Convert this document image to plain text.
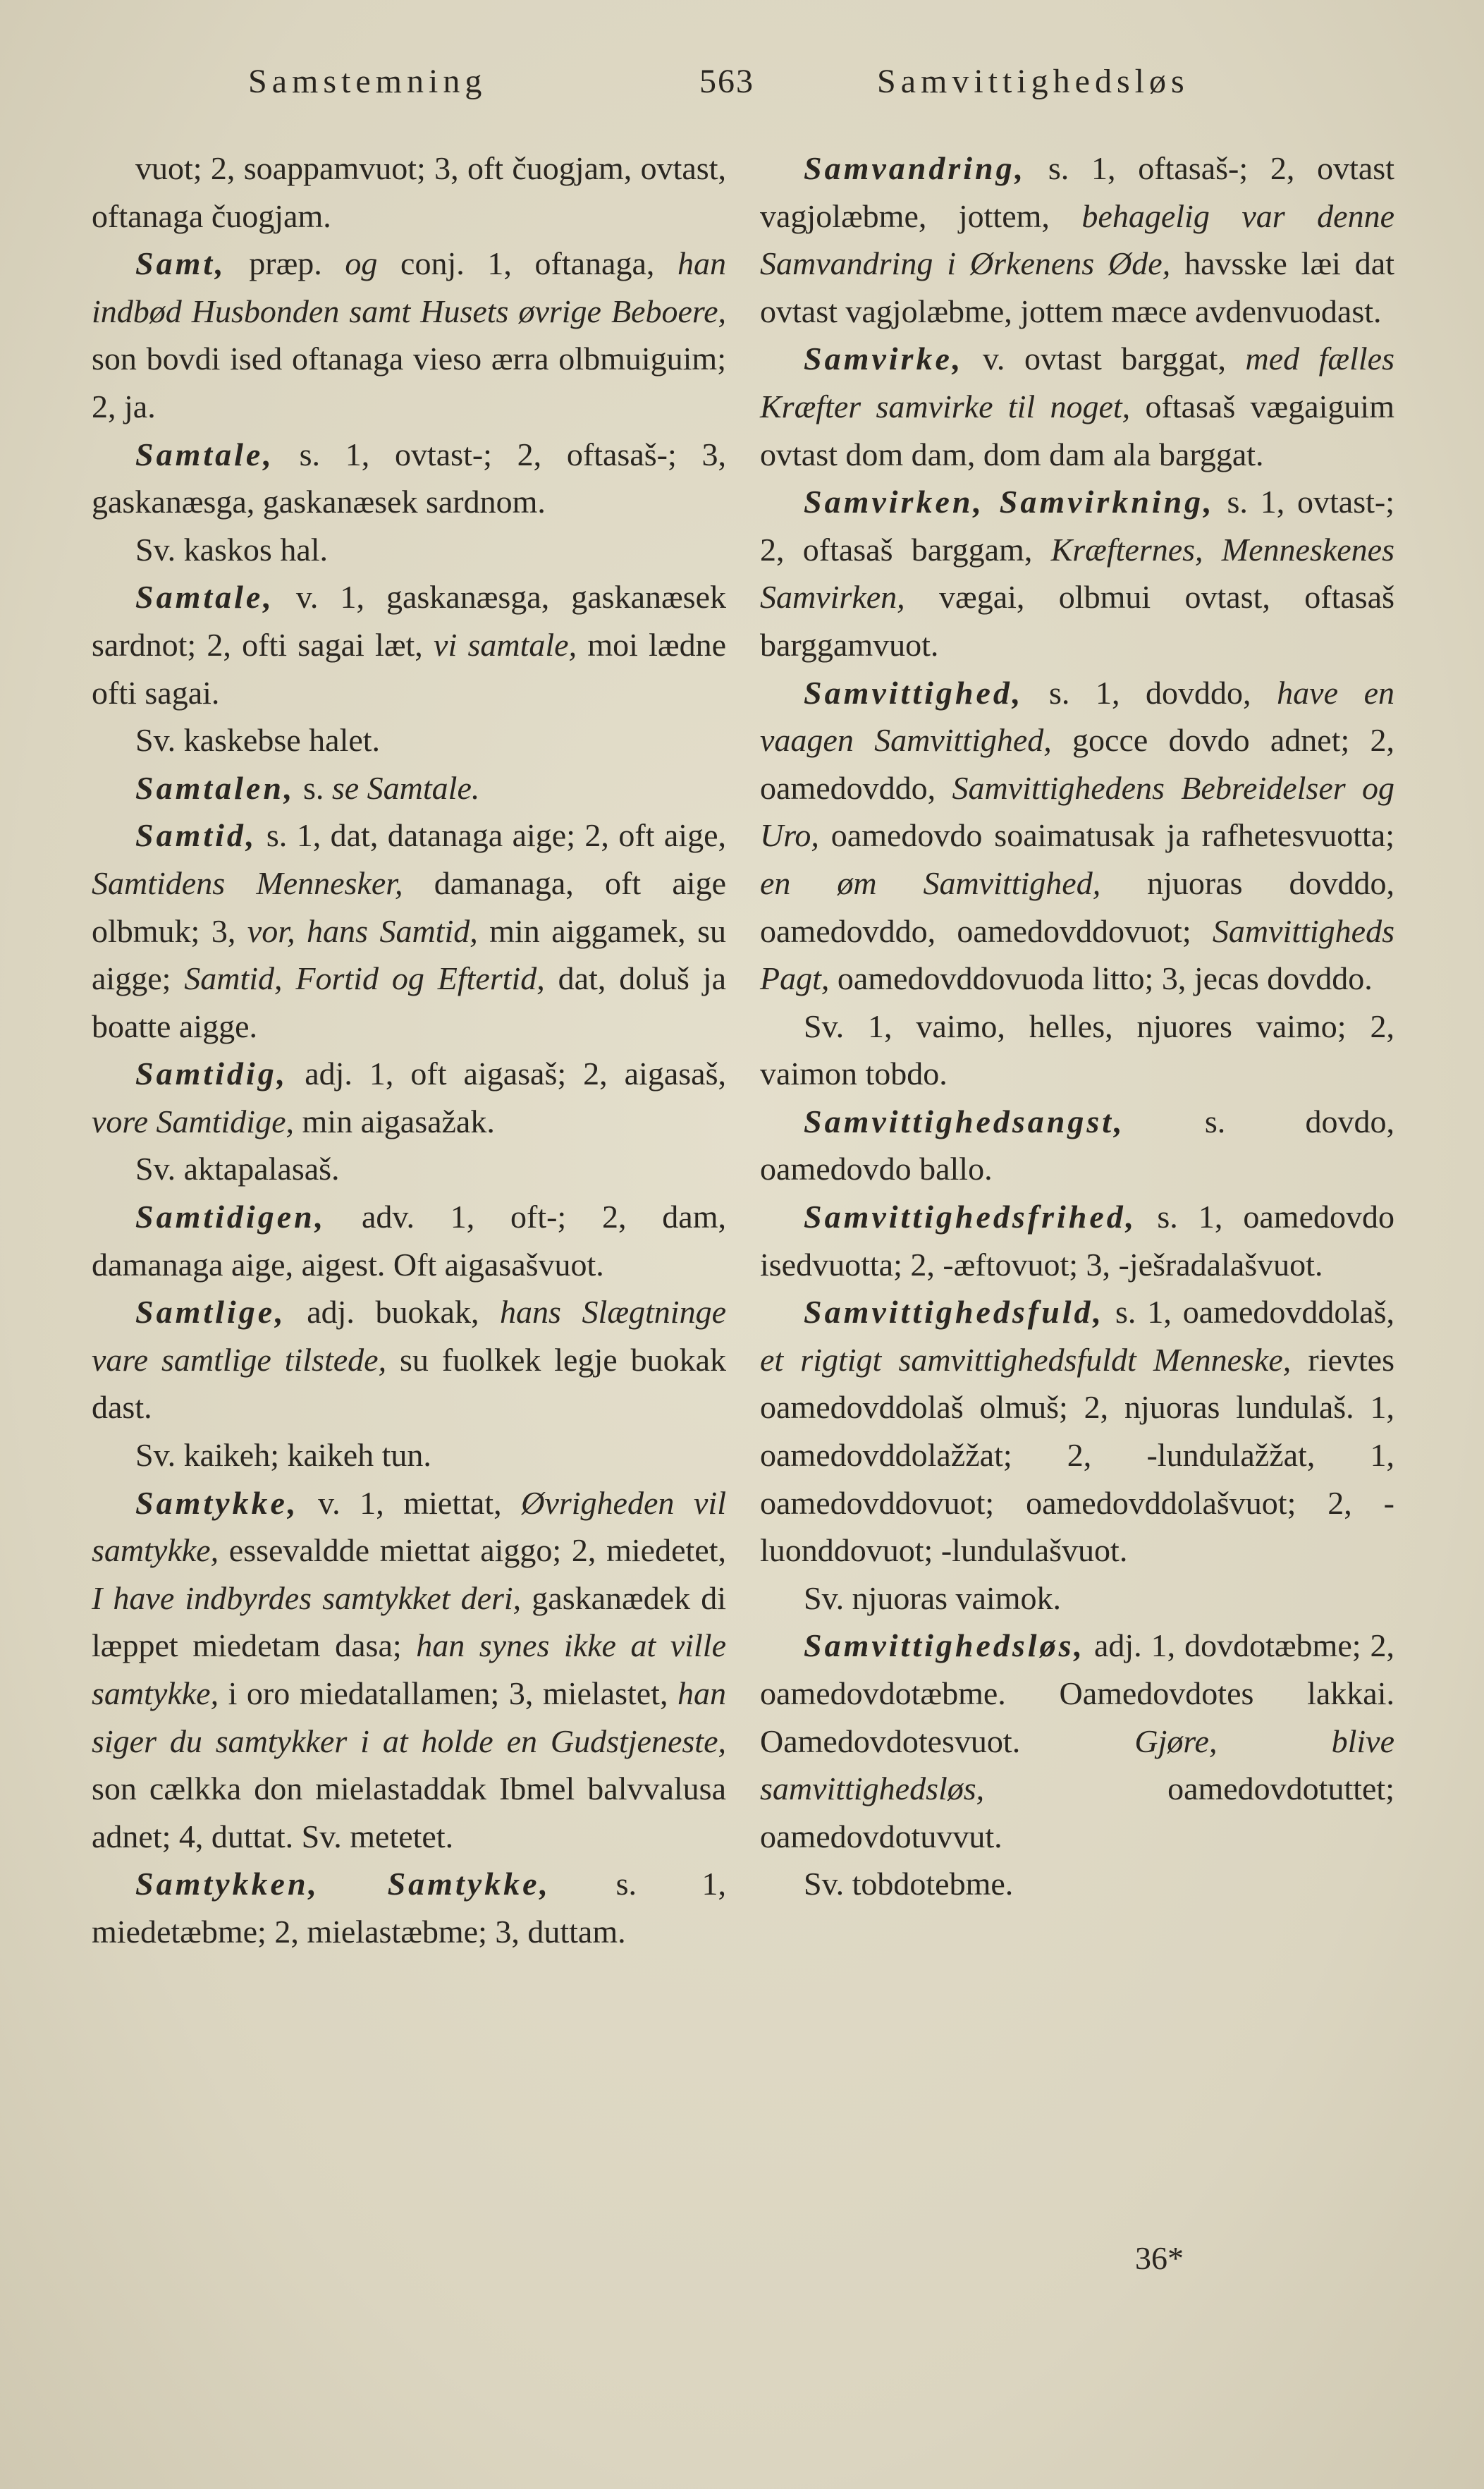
Samstemning	563	Samvittighedsløs

vuot; 2, soappamvuot; 3, oft čuogjam, ovtast, oftanaga čuogjam.

Samt, præp. og conj. 1, oftanaga, han indbød Husbonden samt Husets øvrige Beboere, son bovdi ised oftanaga vieso ærra olbmuiguim; 2, ja.

Samtale, s. 1, ovtast-; 2, oftasaš-; 3, gaskanæsga, gaskanæsek sardnom.

Sv. kaskos hal.

Samtale, v. 1, gaskanæsga, gaskanæsek sardnot; 2, ofti sagai læt, vi samtale, moi lædne ofti sagai.

Sv. kaskebse halet.

Samtalen, s. se Samtale.

Samtid, s. 1, dat, datanaga aige; 2, oft aige, Samtidens Mennesker, damanaga, oft aige olbmuk; 3, vor, hans Samtid, min aiggamek, su aigge; Samtid, Fortid og Eftertid, dat, doluš ja boatte aigge.

Samtidig, adj. 1, oft aigasaš; 2, aigasaš, vore Samtidige, min aigasažak.

Sv. aktapalasaš.

Samtidigen, adv. 1, oft-; 2, dam, damanaga aige, aigest. Oft aigasašvuot.

Samtlige, adj. buokak, hans Slægtninge vare samtlige tilstede, su fuolkek legje buokak dast.

Sv. kaikeh; kaikeh tun.

Samtykke, v. 1, miettat, Øvrigheden vil samtykke, essevaldde miettat aiggo; 2, miedetet, I have indbyrdes samtykket deri, gaskanædek di læppet miedetam dasa; han synes ikke at ville samtykke, i oro miedatallamen; 3, mielastet, han siger du samtykker i at holde en Gudstjeneste, son cælkka don mielastaddak Ibmel balvvalusa adnet; 4, duttat. Sv. metetet.

Samtykken, Samtykke, s. 1, miedetæbme; 2, mielastæbme; 3, duttam.

Samvandring, s. 1, oftasaš-; 2, ovtast vagjolæbme, jottem, behagelig var denne Samvandring i Ørkenens Øde, havsske læi dat ovtast vagjolæbme, jottem mæce avdenvuodast.

Samvirke, v. ovtast barggat, med fælles Kræfter samvirke til noget, oftasaš vægaiguim ovtast dom dam, dom dam ala barggat.

Samvirken, Samvirkning, s. 1, ovtast-; 2, oftasaš barggam, Kræfternes, Menneskenes Samvirken, vægai, olbmui ovtast, oftasaš barggamvuot.

Samvittighed, s. 1, dovddo, have en vaagen Samvittighed, gocce dovdo adnet; 2, oamedovddo, Samvittighedens Bebreidelser og Uro, oamedovdo soaimatusak ja rafhetesvuotta; en øm Samvittighed, njuoras dovddo, oamedovddo, oamedovddovuot; Samvittigheds Pagt, oamedovddovuoda litto; 3, jecas dovddo.

Sv. 1, vaimo, helles, njuores vaimo; 2, vaimon tobdo.

Samvittighedsangst, s. dovdo, oamedovdo ballo.

Samvittighedsfrihed, s. 1, oamedovdo isedvuotta; 2, -æftovuot; 3, -ješradalašvuot.

Samvittighedsfuld, s. 1, oamedovddolaš, et rigtigt samvittighedsfuldt Menneske, rievtes oamedovddolaš olmuš; 2, njuoras lundulaš. 1, oamedovddolažžat; 2, -lundulažžat, 1, oamedovddovuot; oamedovddolašvuot; 2, -luonddovuot; -lundulašvuot.

Sv. njuoras vaimok.

Samvittighedsløs, adj. 1, dovdotæbme; 2, oamedovdotæbme. Oamedovdotes lakkai. Oamedovdotesvuot. Gjøre, blive samvittighedsløs, oamedovdotuttet; oamedovdotuvvut.

Sv. tobdotebme.

36*
